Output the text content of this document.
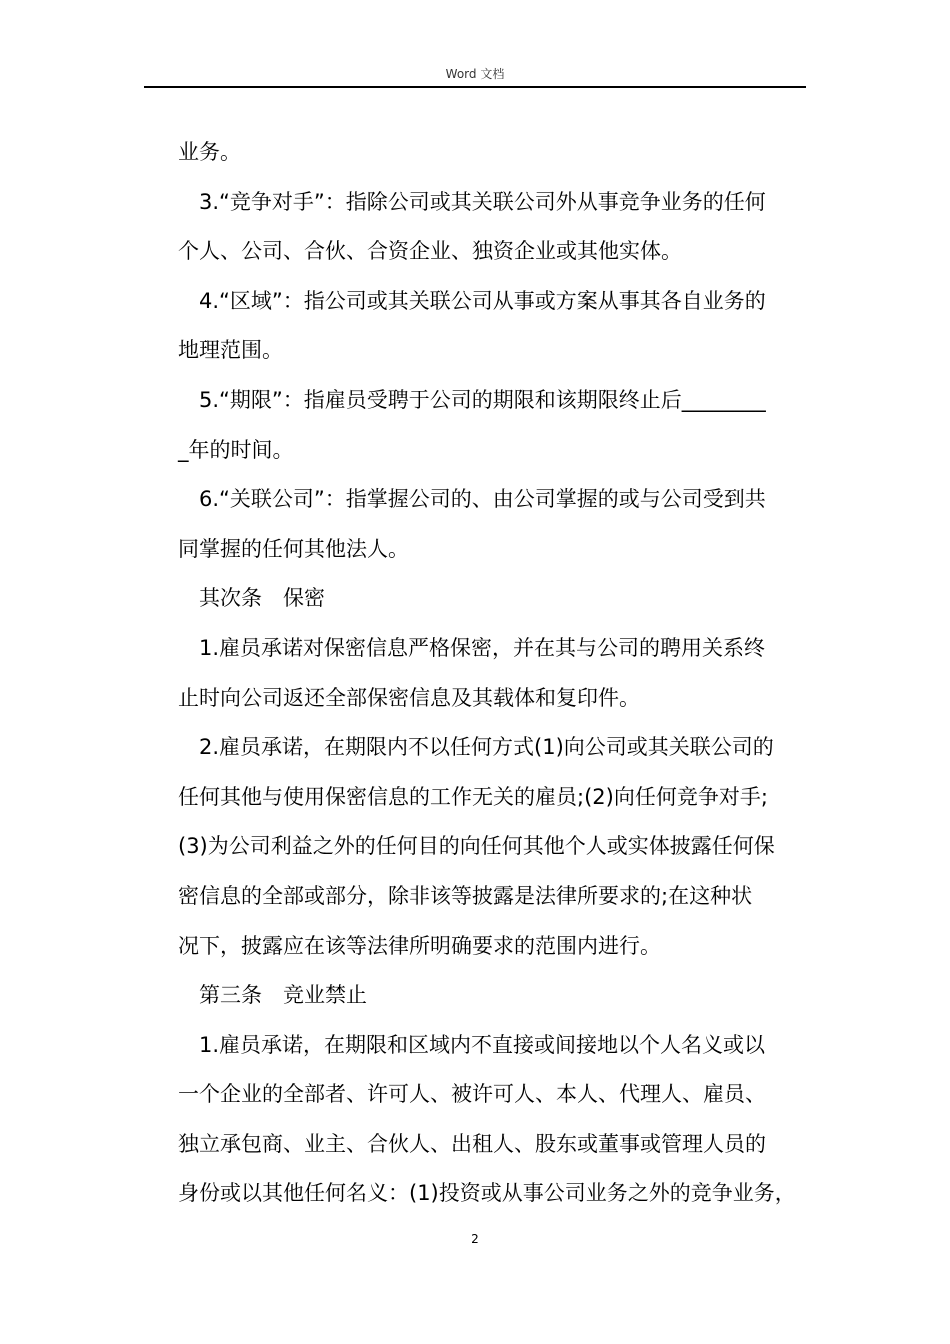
Word 文档
业务。
3.“竞争对手”：指除公司或其关联公司外从事竞争业务的任何
个人、公司、合伙、合资企业、独资企业或其他实体。
4.“区域”：指公司或其关联公司从事或方案从事其各自业务的
地理范围。
5.“期限”：指雇员受聘于公司的期限和该期限终止后________
_年的时间。
6.“关联公司”：指掌握公司的、由公司掌握的或与公司受到共
同掌握的任何其他法人。
其次条　保密
1.雇员承诺对保密信息严格保密，并在其与公司的聘用关系终
止时向公司返还全部保密信息及其载体和复印件。
2.雇员承诺，在期限内不以任何方式(1)向公司或其关联公司的
任何其他与使用保密信息的工作无关的雇员;(2)向任何竞争对手;
(3)为公司利益之外的任何目的向任何其他个人或实体披露任何保
密信息的全部或部分，除非该等披露是法律所要求的;在这种状
况下，披露应在该等法律所明确要求的范围内进行。
第三条　竞业禁止
1.雇员承诺，在期限和区域内不直接或间接地以个人名义或以
一个企业的全部者、许可人、被许可人、本人、代理人、雇员、
独立承包商、业主、合伙人、出租人、股东或董事或管理人员的
身份或以其他任何名义：(1)投资或从事公司业务之外的竞争业务，
2
